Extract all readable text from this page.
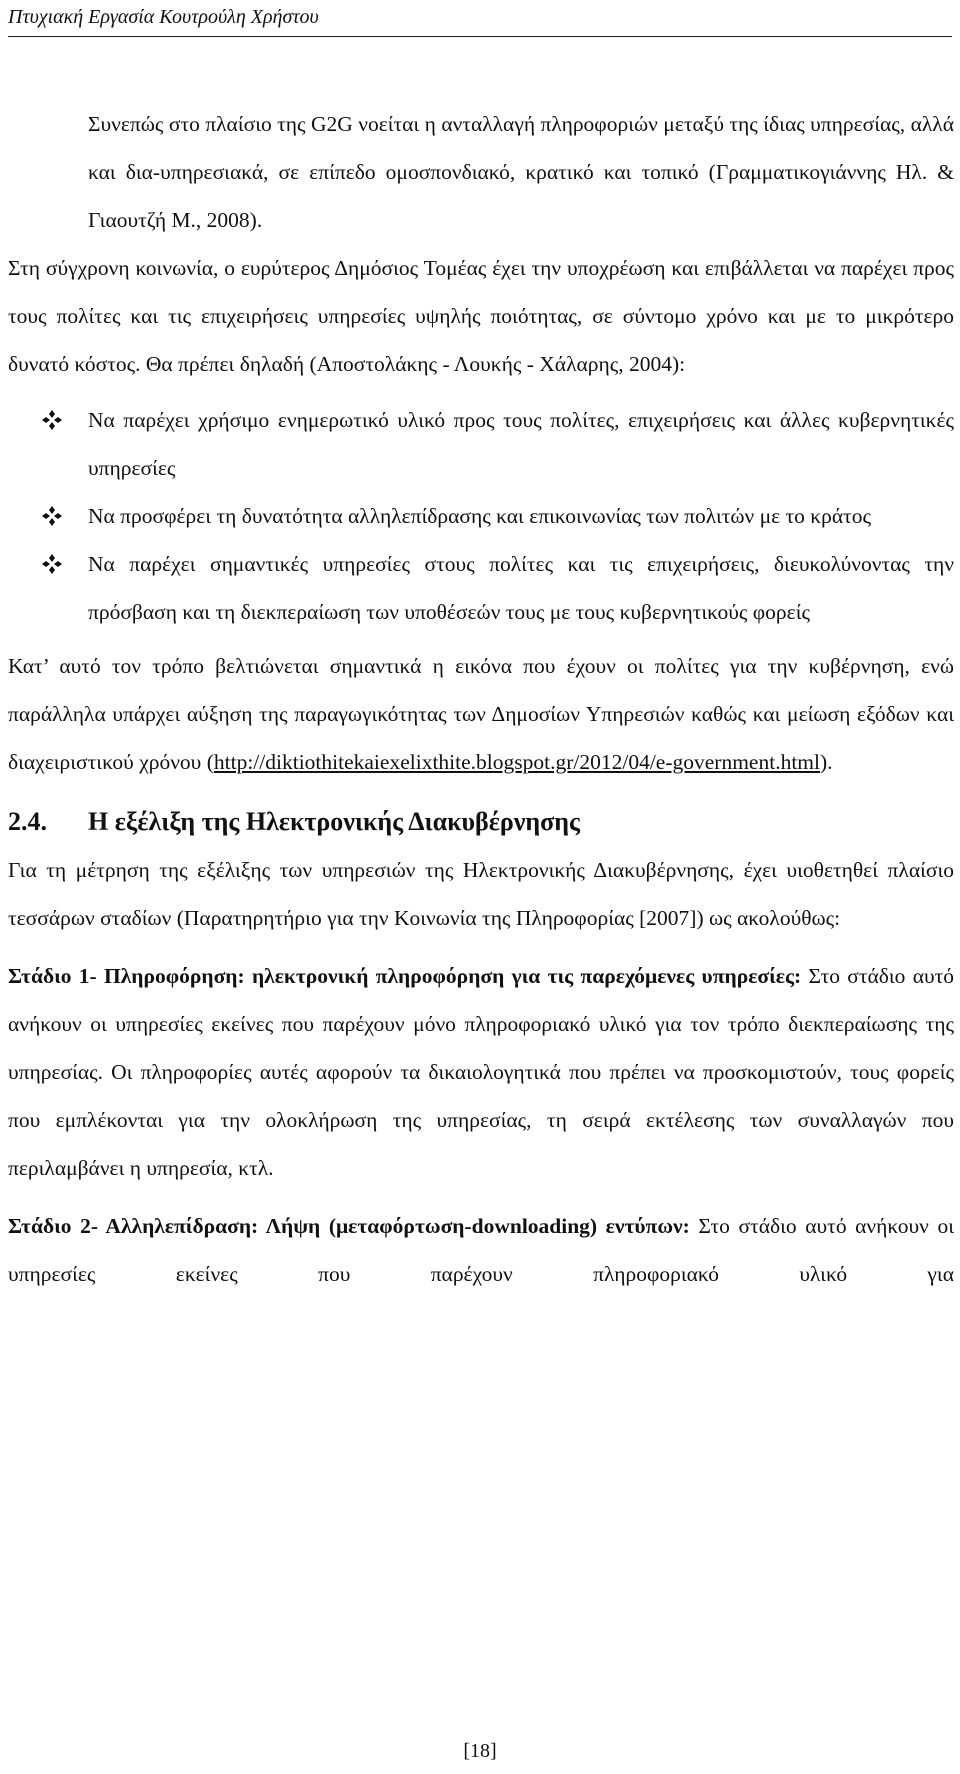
Πτυχιακή Εργασία Κουτρούλη Χρήστου

Συνεπώς στο πλαίσιο της G2G νοείται η ανταλλαγή πληροφοριών μεταξύ της ίδιας υπηρεσίας, αλλά και δια-υπηρεσιακά, σε επίπεδο ομοσπονδιακό, κρατικό και τοπικό (Γραμματικογιάννης Ηλ. & Γιαουτζή Μ., 2008).

Στη σύγχρονη κοινωνία, ο ευρύτερος Δημόσιος Τομέας έχει την υποχρέωση και επιβάλλεται να παρέχει προς τους πολίτες και τις επιχειρήσεις υπηρεσίες υψηλής ποιότητας, σε σύντομο χρόνο και με το μικρότερο δυνατό κόστος. Θα πρέπει δηλαδή (Αποστολάκης - Λουκής - Χάλαρης, 2004):

Να παρέχει χρήσιμο ενημερωτικό υλικό προς τους πολίτες, επιχειρήσεις και άλλες κυβερνητικές υπηρεσίες
Να προσφέρει τη δυνατότητα αλληλεπίδρασης και επικοινωνίας των πολιτών με το κράτος
Να παρέχει σημαντικές υπηρεσίες στους πολίτες και τις επιχειρήσεις, διευκολύνοντας την πρόσβαση και τη διεκπεραίωση των υποθέσεών τους με τους κυβερνητικούς φορείς

Κατ’ αυτό τον τρόπο βελτιώνεται σημαντικά η εικόνα που έχουν οι πολίτες για την κυβέρνηση, ενώ παράλληλα υπάρχει αύξηση της παραγωγικότητας των Δημοσίων Υπηρεσιών καθώς και μείωση εξόδων και διαχειριστικού χρόνου (http://diktiothitekaiexelixthite.blogspot.gr/2012/04/e-government.html).

2.4.	Η εξέλιξη της Ηλεκτρονικής Διακυβέρνησης

Για τη μέτρηση της εξέλιξης των υπηρεσιών της Ηλεκτρονικής Διακυβέρνησης, έχει υιοθετηθεί πλαίσιο τεσσάρων σταδίων (Παρατηρητήριο για την Κοινωνία της Πληροφορίας [2007]) ως ακολούθως:

Στάδιο 1- Πληροφόρηση: ηλεκτρονική πληροφόρηση για τις παρεχόμενες υπηρεσίες: Στο στάδιο αυτό ανήκουν οι υπηρεσίες εκείνες που παρέχουν μόνο πληροφοριακό υλικό για τον τρόπο διεκπεραίωσης της υπηρεσίας. Οι πληροφορίες αυτές αφορούν τα δικαιολογητικά που πρέπει να προσκομιστούν, τους φορείς που εμπλέκονται για την ολοκλήρωση της υπηρεσίας, τη σειρά εκτέλεσης των συναλλαγών που περιλαμβάνει η υπηρεσία, κτλ.

Στάδιο 2- Αλληλεπίδραση: Λήψη (μεταφόρτωση-downloading) εντύπων: Στο στάδιο αυτό ανήκουν οι υπηρεσίες εκείνες που παρέχουν πληροφοριακό υλικό για

[18]
